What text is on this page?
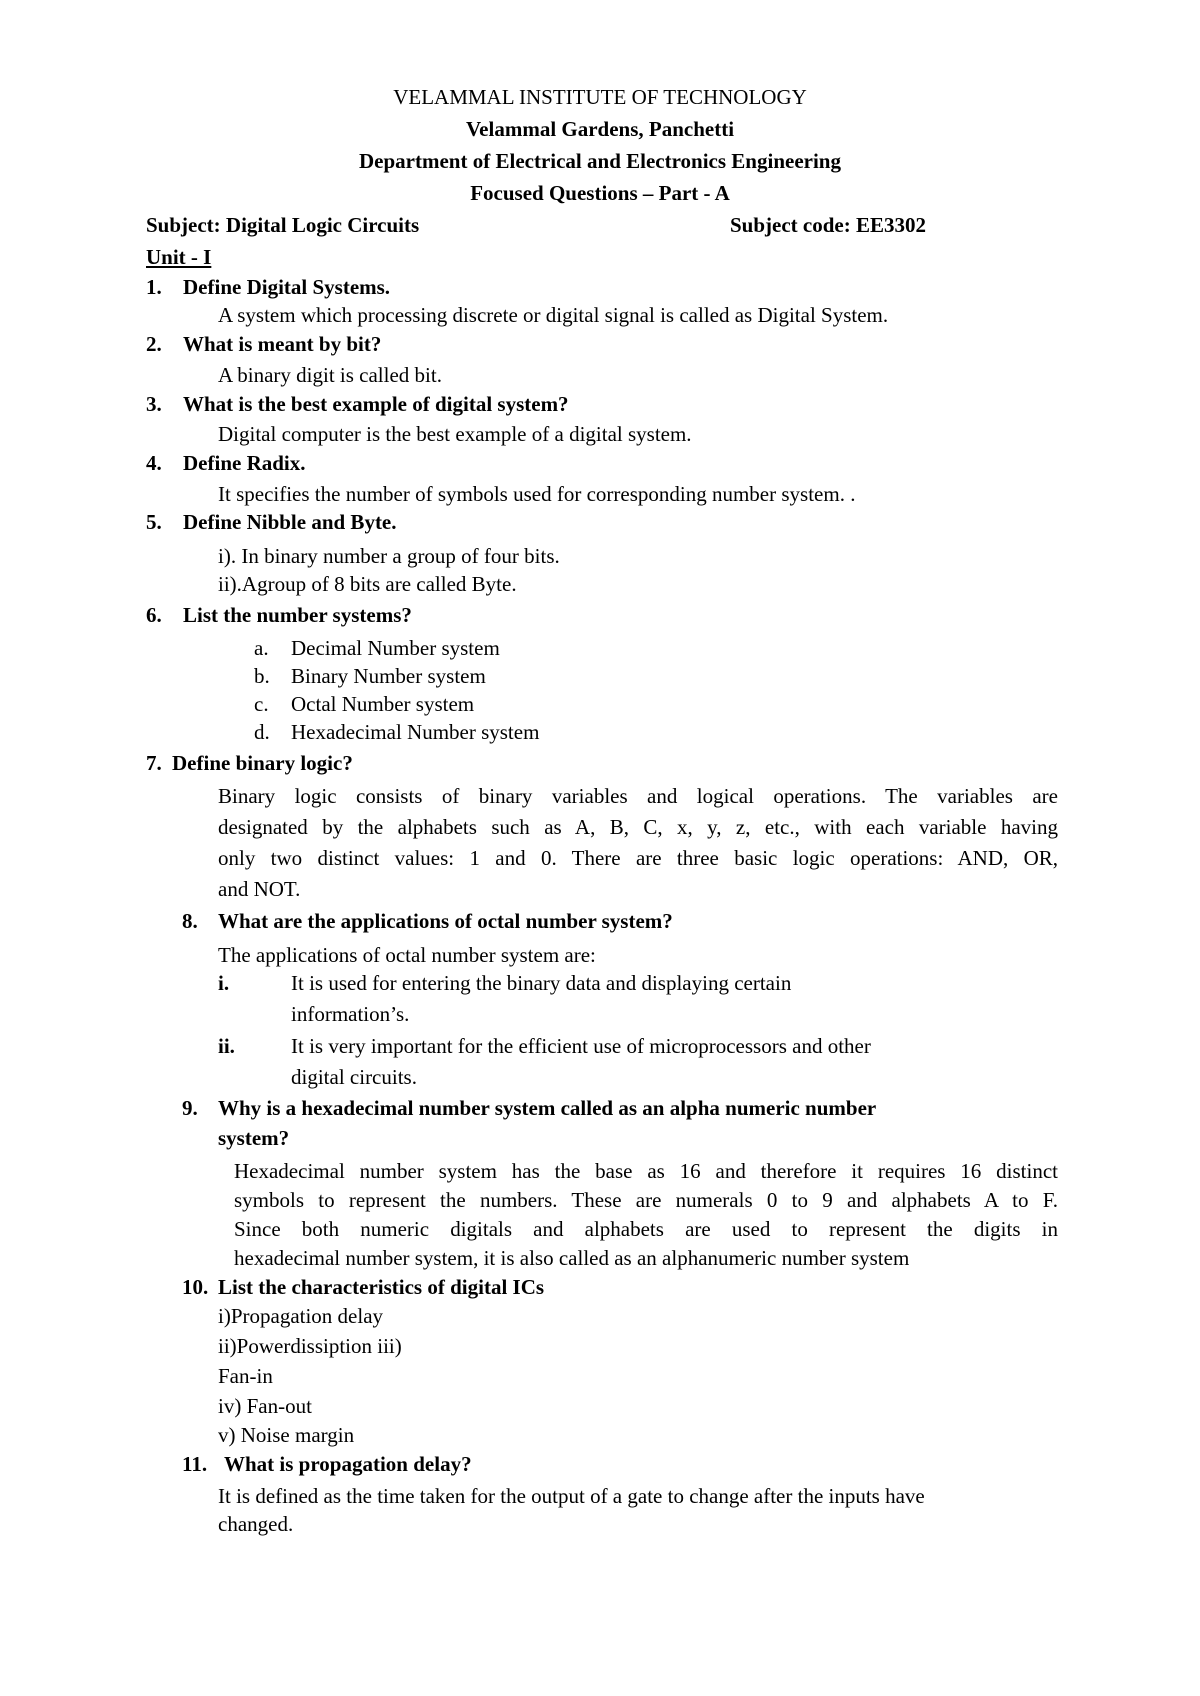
VELAMMAL INSTITUTE OF TECHNOLOGY
Velammal Gardens, Panchetti
Department of Electrical and Electronics Engineering
Focused Questions – Part - A
Subject: Digital Logic Circuits	Subject code: EE3302
Unit - I
1. Define Digital Systems.
A system which processing discrete or digital signal is called as Digital System.
2. What is meant by bit?
A binary digit is called bit.
3. What is the best example of digital system?
Digital computer is the best example of a digital system.
4. Define Radix.
It specifies the number of symbols used for corresponding number system. .
5. Define Nibble and Byte.
i). In binary number a group of four bits.
ii).Agroup of 8 bits are called Byte.
6. List the number systems?
a. Decimal Number system
b. Binary Number system
c. Octal Number system
d. Hexadecimal Number system
7. Define binary logic?
Binary logic consists of binary variables and logical operations. The variables are
designated by the alphabets such as A, B, C, x, y, z, etc., with each variable having
only two distinct values: 1 and 0. There are three basic logic operations: AND, OR,
and NOT.
8. What are the applications of octal number system?
The applications of octal number system are:
i.	It is used for entering the binary data and displaying certain
information’s.
ii.	It is very important for the efficient use of microprocessors and other
digital circuits.
9. Why is a hexadecimal number system called as an alpha numeric number
system?
Hexadecimal number system has the base as 16 and therefore it requires 16 distinct
symbols to represent the numbers. These are numerals 0 to 9 and alphabets A to F.
Since both numeric digitals and alphabets are used to represent the digits in
hexadecimal number system, it is also called as an alphanumeric number system
10. List the characteristics of digital ICs
i)Propagation delay
ii)Powerdissiption iii)
Fan-in
iv) Fan-out
v) Noise margin
11. What is propagation delay?
It is defined as the time taken for the output of a gate to change after the inputs have
changed.
